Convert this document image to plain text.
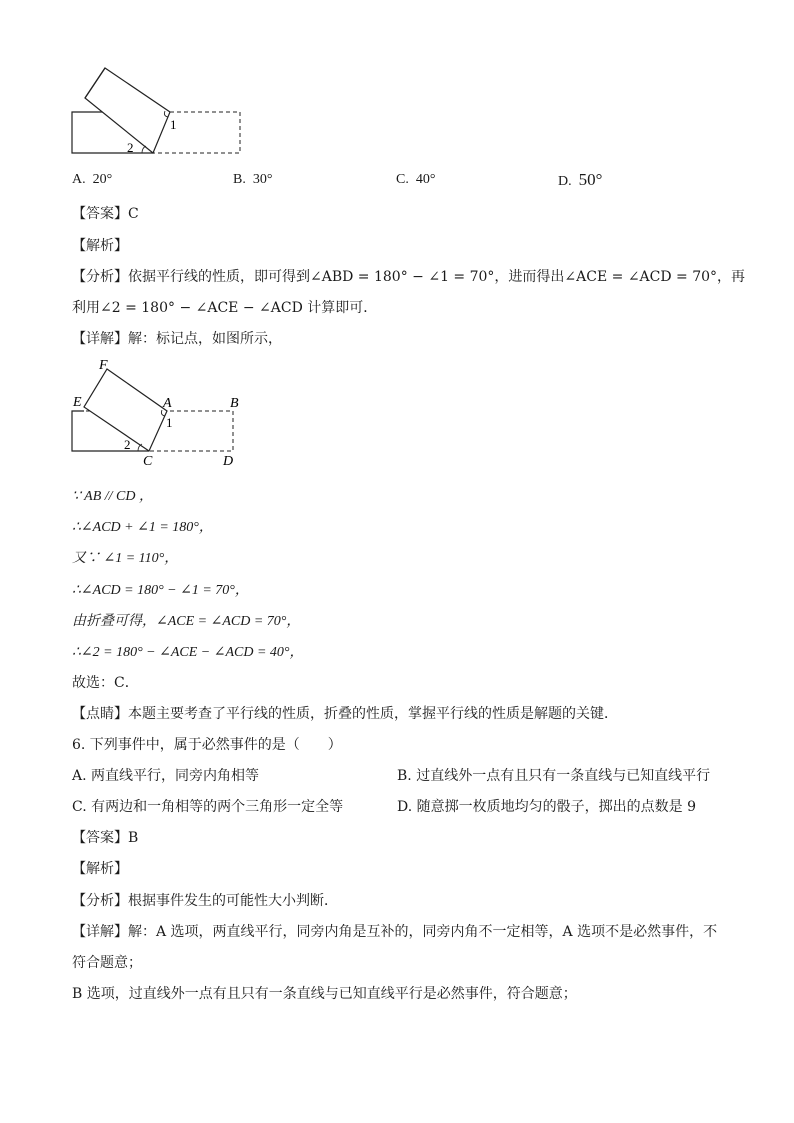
1
2
A. 20°	B. 30°	C. 40°	D. 50°
【答案】C
【解析】
【分析】依据平行线的性质，即可得到∠ABD = 180° − ∠1 = 70°，进而得出∠ACE = ∠ACD = 70°，再
利用∠2 = 180° − ∠ACE − ∠ACD 计算即可．
【详解】解：标记点，如图所示，
F
E	A	B
C	D
1
2
∵ AB // CD ，
∴∠ACD + ∠1 = 180°，
又∵ ∠1 = 110°，
∴∠ACD = 180° − ∠1 = 70°，
由折叠可得，∠ACE = ∠ACD = 70°，
∴∠2 = 180° − ∠ACE − ∠ACD = 40°，
故选：C．
【点睛】本题主要考查了平行线的性质，折叠的性质，掌握平行线的性质是解题的关键．
6. 下列事件中，属于必然事件的是（　　）
A. 两直线平行，同旁内角相等	B. 过直线外一点有且只有一条直线与已知直线平行
C. 有两边和一角相等的两个三角形一定全等	D. 随意掷一枚质地均匀的骰子，掷出的点数是 9
【答案】B
【解析】
【分析】根据事件发生的可能性大小判断．
【详解】解：A 选项，两直线平行，同旁内角是互补的，同旁内角不一定相等，A 选项不是必然事件，不
符合题意；
B 选项，过直线外一点有且只有一条直线与已知直线平行是必然事件，符合题意；
